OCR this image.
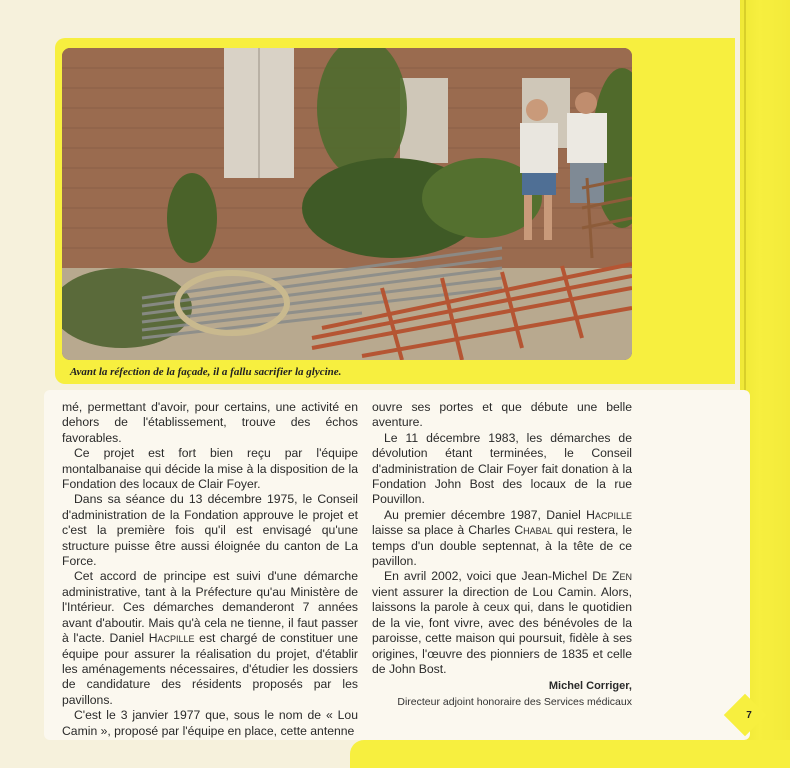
Avant la réfection de la façade, il a fallu sacrifier la glycine.

mé, permettant d'avoir, pour certains, une activité en dehors de l'établissement, trouve des échos favorables.

Ce projet est fort bien reçu par l'équipe montalbanaise qui décide la mise à la disposition de la Fondation des locaux de Clair Foyer.

Dans sa séance du 13 décembre 1975, le Conseil d'administration de la Fondation approuve le projet et c'est la première fois qu'il est envisagé qu'une structure puisse être aussi éloignée du canton de La Force.

Cet accord de principe est suivi d'une démarche administrative, tant à la Préfecture qu'au Ministère de l'Intérieur. Ces démarches demanderont 7 années avant d'aboutir. Mais qu'à cela ne tienne, il faut passer à l'acte. Daniel Hacpille est chargé de constituer une équipe pour assurer la réalisation du projet, d'établir les aménagements nécessaires, d'étudier les dossiers de candidature des résidents proposés par les pavillons.

C'est le 3 janvier 1977 que, sous le nom de « Lou Camin », proposé par l'équipe en place, cette antenne

ouvre ses portes et que débute une belle aventure.

Le 11 décembre 1983, les démarches de dévolution étant terminées, le Conseil d'administration de Clair Foyer fait donation à la Fondation John Bost des locaux de la rue Pouvillon.

Au premier décembre 1987, Daniel Hacpille laisse sa place à Charles Chabal qui restera, le temps d'un double septennat, à la tête de ce pavillon.

En avril 2002, voici que Jean-Michel De Zen vient assurer la direction de Lou Camin. Alors, laissons la parole à ceux qui, dans le quotidien de la vie, font vivre, avec des bénévoles de la paroisse, cette maison qui poursuit, fidèle à ses origines, l'œuvre des pionniers de 1835 et celle de John Bost.

Michel Corriger,
Directeur adjoint honoraire des Services médicaux
7
